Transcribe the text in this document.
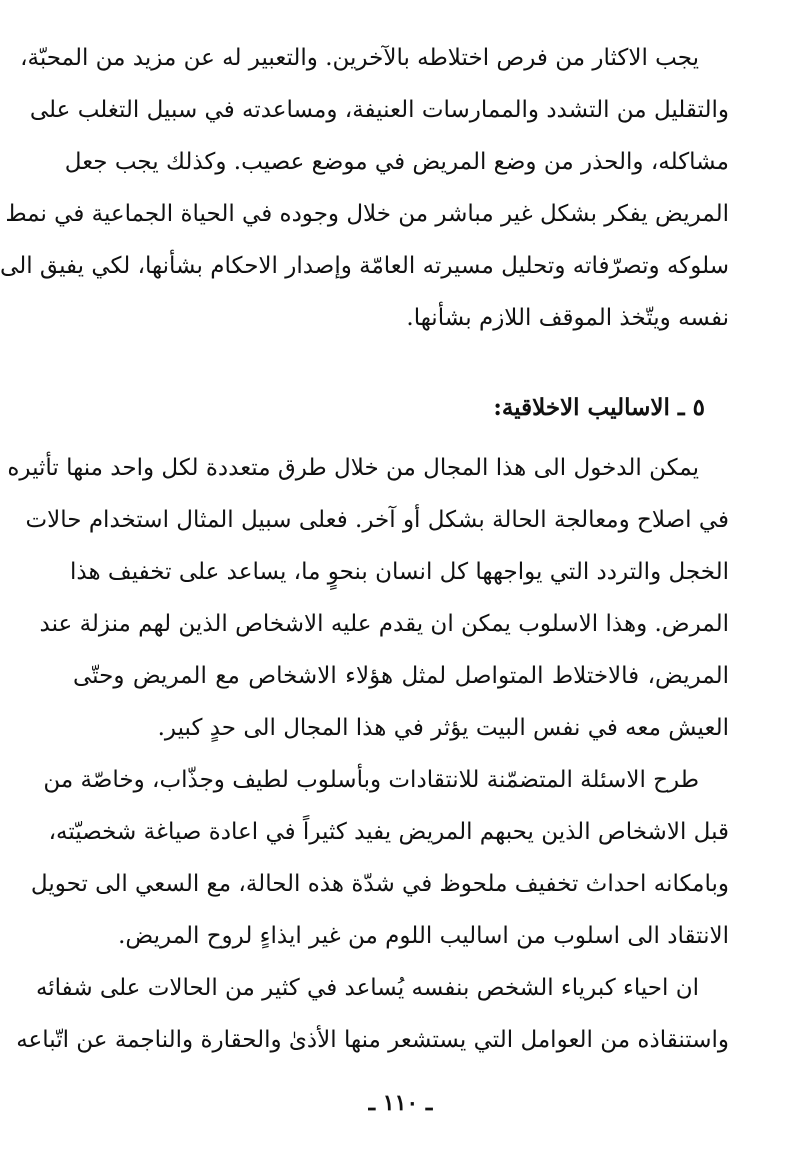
يجب الاكثار من فرص اختلاطه بالآخرين. والتعبير له عن مزيد من المحبّة،
والتقليل من التشدد والممارسات العنيفة، ومساعدته في سبيل التغلب على
مشاكله، والحذر من وضع المريض في موضع عصيب. وكذلك يجب جعل
المريض يفكر بشكل غير مباشر من خلال وجوده في الحياة الجماعية في نمط
سلوكه وتصرّفاته وتحليل مسيرته العامّة وإصدار الاحكام بشأنها، لكي يفيق الى
نفسه ويتّخذ الموقف اللازم بشأنها.
٥ ـ الاساليب الاخلاقية:
يمكن الدخول الى هذا المجال من خلال طرق متعددة لكل واحد منها تأثيره
في اصلاح ومعالجة الحالة بشكل أو آخر. فعلى سبيل المثال استخدام حالات
الخجل والتردد التي يواجهها كل انسان بنحوٍ ما، يساعد على تخفيف هذا
المرض. وهذا الاسلوب يمكن ان يقدم عليه الاشخاص الذين لهم منزلة عند
المريض، فالاختلاط المتواصل لمثل هؤلاء الاشخاص مع المريض وحتّى
العيش معه في نفس البيت يؤثر في هذا المجال الى حدٍ كبير.
طرح الاسئلة المتضمّنة للانتقادات وبأسلوب لطيف وجذّاب، وخاصّة من
قبل الاشخاص الذين يحبهم المريض يفيد كثيراً في اعادة صياغة شخصيّته،
وبامكانه احداث تخفيف ملحوظ في شدّة هذه الحالة، مع السعي الى تحويل
الانتقاد الى اسلوب من اساليب اللوم من غير ايذاءٍ لروح المريض.
ان احياء كبرياء الشخص بنفسه يُساعد في كثير من الحالات على شفائه
واستنقاذه من العوامل التي يستشعر منها الأذىٰ والحقارة والناجمة عن اتّباعه
ـ ١١٠ ـ
